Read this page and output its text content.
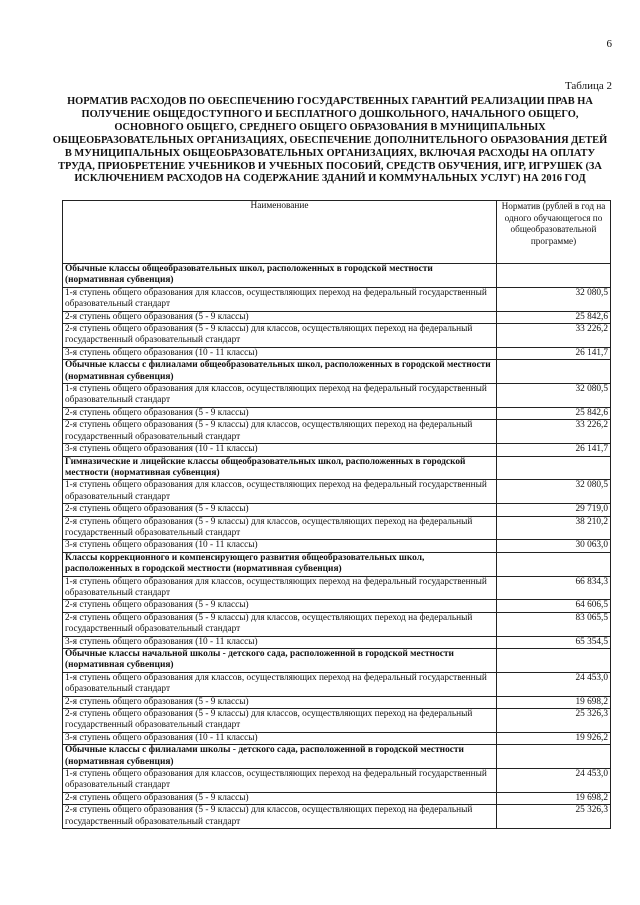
6
Таблица 2
НОРМАТИВ РАСХОДОВ ПО ОБЕСПЕЧЕНИЮ ГОСУДАРСТВЕННЫХ ГАРАНТИЙ РЕАЛИЗАЦИИ ПРАВ НА ПОЛУЧЕНИЕ ОБЩЕДОСТУПНОГО И БЕСПЛАТНОГО ДОШКОЛЬНОГО, НАЧАЛЬНОГО ОБЩЕГО, ОСНОВНОГО ОБЩЕГО, СРЕДНЕГО ОБЩЕГО ОБРАЗОВАНИЯ В МУНИЦИПАЛЬНЫХ ОБЩЕОБРАЗОВАТЕЛЬНЫХ ОРГАНИЗАЦИЯХ, ОБЕСПЕЧЕНИЕ ДОПОЛНИТЕЛЬНОГО ОБРАЗОВАНИЯ ДЕТЕЙ В МУНИЦИПАЛЬНЫХ ОБЩЕОБРАЗОВАТЕЛЬНЫХ ОРГАНИЗАЦИЯХ, ВКЛЮЧАЯ РАСХОДЫ НА ОПЛАТУ ТРУДА, ПРИОБРЕТЕНИЕ УЧЕБНИКОВ И УЧЕБНЫХ ПОСОБИЙ, СРЕДСТВ ОБУЧЕНИЯ, ИГР, ИГРУШЕК (ЗА ИСКЛЮЧЕНИЕМ РАСХОДОВ НА СОДЕРЖАНИЕ ЗДАНИЙ И КОММУНАЛЬНЫХ УСЛУГ) НА 2016 ГОД
Наименование	Норматив (рублей в год на одного обучающегося по общеобразовательной программе)
Обычные классы общеобразовательных школ, расположенных в городской местности (нормативная субвенция)	
1-я ступень общего образования для классов, осуществляющих переход на федеральный государственный образовательный стандарт	32 080,5
2-я ступень общего образования (5 - 9 классы)	25 842,6
2-я ступень общего образования (5 - 9 классы) для классов, осуществляющих переход на федеральный государственный образовательный стандарт	33 226,2
3-я ступень общего образования (10 - 11 классы)	26 141,7
Обычные классы с филиалами общеобразовательных школ, расположенных в городской местности (нормативная субвенция)	
1-я ступень общего образования для классов, осуществляющих переход на федеральный государственный образовательный стандарт	32 080,5
2-я ступень общего образования (5 - 9 классы)	25 842,6
2-я ступень общего образования (5 - 9 классы) для классов, осуществляющих переход на федеральный государственный образовательный стандарт	33 226,2
3-я ступень общего образования (10 - 11 классы)	26 141,7
Гимназические и лицейские классы общеобразовательных школ, расположенных в городской местности (нормативная субвенция)	
1-я ступень общего образования для классов, осуществляющих переход на федеральный государственный образовательный стандарт	32 080,5
2-я ступень общего образования (5 - 9 классы)	29 719,0
2-я ступень общего образования (5 - 9 классы) для классов, осуществляющих переход на федеральный государственный образовательный стандарт	38 210,2
3-я ступень общего образования (10 - 11 классы)	30 063,0
Классы коррекционного и компенсирующего развития общеобразовательных школ, расположенных в городской местности (нормативная субвенция)	
1-я ступень общего образования для классов, осуществляющих переход на федеральный государственный образовательный стандарт	66 834,3
2-я ступень общего образования (5 - 9 классы)	64 606,5
2-я ступень общего образования (5 - 9 классы) для классов, осуществляющих переход на федеральный государственный образовательный стандарт	83 065,5
3-я ступень общего образования (10 - 11 классы)	65 354,5
Обычные классы начальной школы - детского сада, расположенной в городской местности (нормативная субвенция)	
1-я ступень общего образования для классов, осуществляющих переход на федеральный государственный образовательный стандарт	24 453,0
2-я ступень общего образования (5 - 9 классы)	19 698,2
2-я ступень общего образования (5 - 9 классы) для классов, осуществляющих переход на федеральный государственный образовательный стандарт	25 326,3
3-я ступень общего образования (10 - 11 классы)	19 926,2
Обычные классы с филиалами школы - детского сада, расположенной в городской местности (нормативная субвенция)	
1-я ступень общего образования для классов, осуществляющих переход на федеральный государственный образовательный стандарт	24 453,0
2-я ступень общего образования (5 - 9 классы)	19 698,2
2-я ступень общего образования (5 - 9 классы) для классов, осуществляющих переход на федеральный государственный образовательный стандарт	25 326,3
